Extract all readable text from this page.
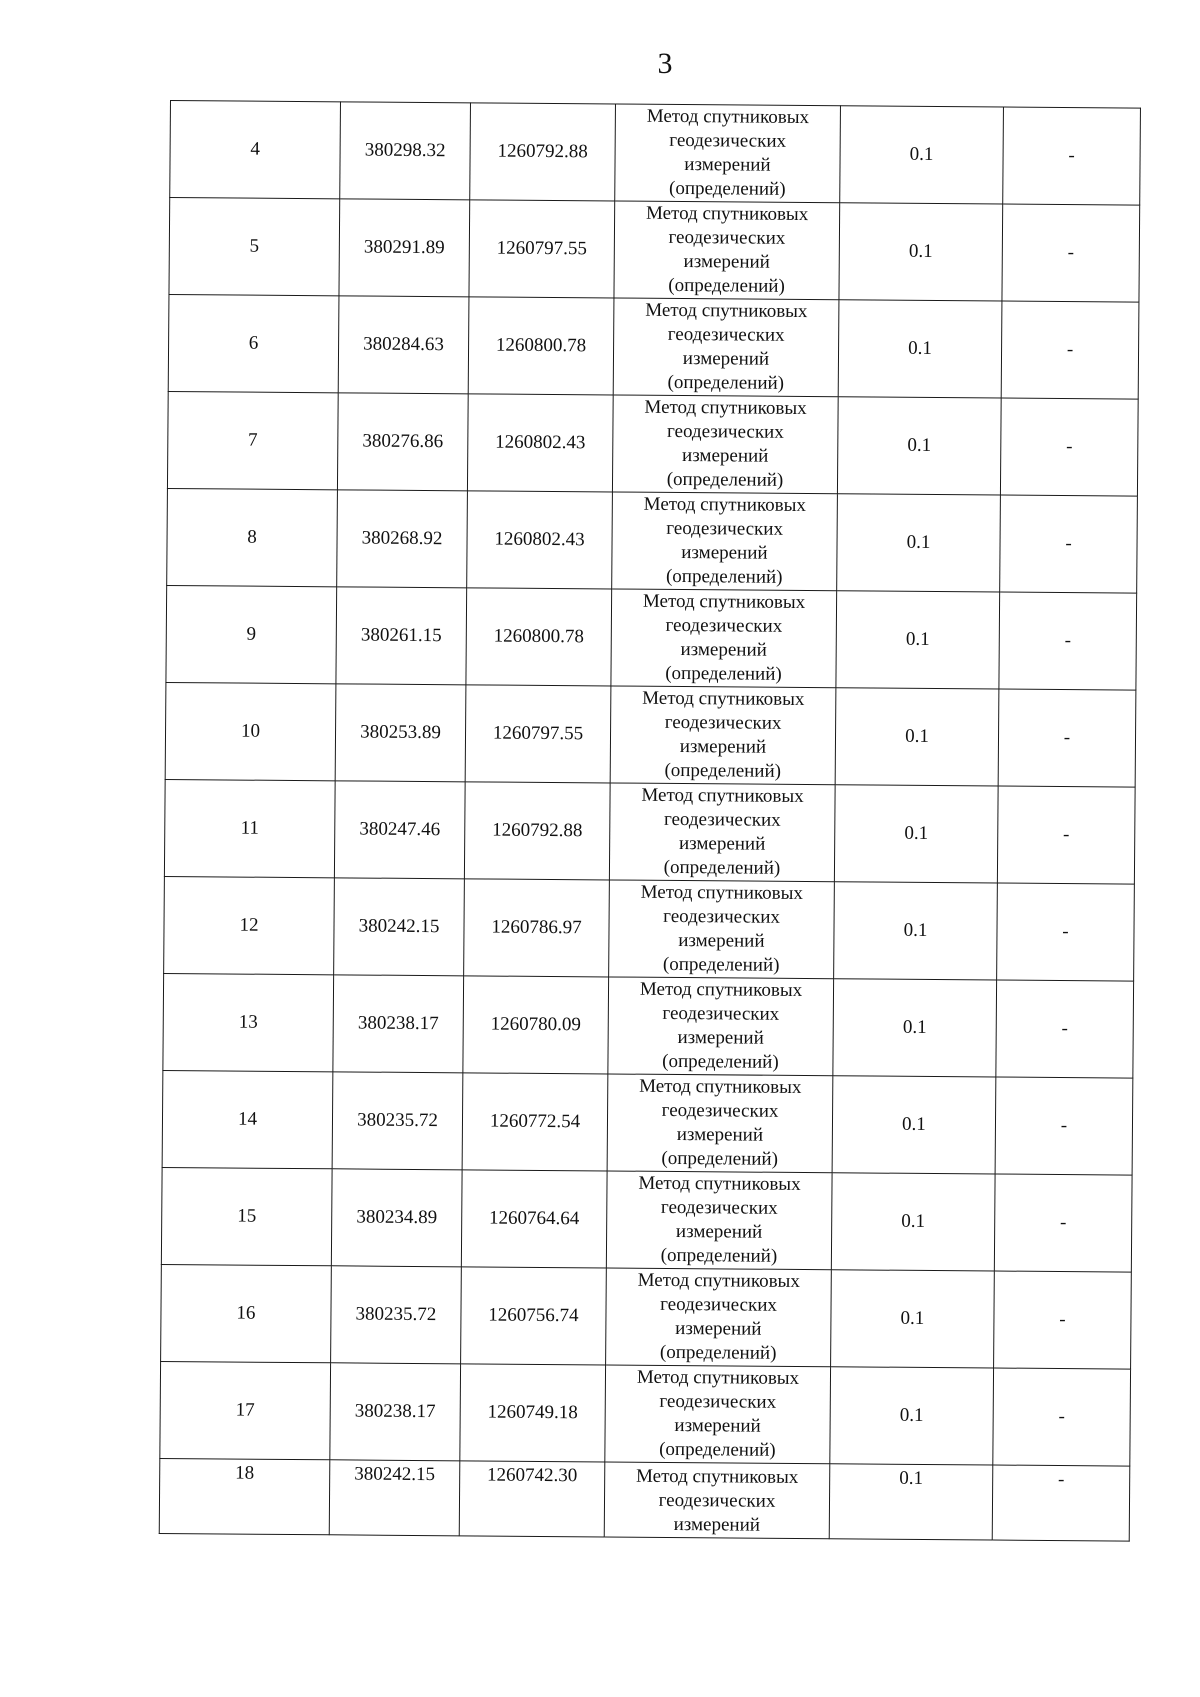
3
4	380298.32	1260792.88	Метод спутниковых
геодезических
измерений
(определений)	0.1	-
5	380291.89	1260797.55	Метод спутниковых
геодезических
измерений
(определений)	0.1	-
6	380284.63	1260800.78	Метод спутниковых
геодезических
измерений
(определений)	0.1	-
7	380276.86	1260802.43	Метод спутниковых
геодезических
измерений
(определений)	0.1	-
8	380268.92	1260802.43	Метод спутниковых
геодезических
измерений
(определений)	0.1	-
9	380261.15	1260800.78	Метод спутниковых
геодезических
измерений
(определений)	0.1	-
10	380253.89	1260797.55	Метод спутниковых
геодезических
измерений
(определений)	0.1	-
11	380247.46	1260792.88	Метод спутниковых
геодезических
измерений
(определений)	0.1	-
12	380242.15	1260786.97	Метод спутниковых
геодезических
измерений
(определений)	0.1	-
13	380238.17	1260780.09	Метод спутниковых
геодезических
измерений
(определений)	0.1	-
14	380235.72	1260772.54	Метод спутниковых
геодезических
измерений
(определений)	0.1	-
15	380234.89	1260764.64	Метод спутниковых
геодезических
измерений
(определений)	0.1	-
16	380235.72	1260756.74	Метод спутниковых
геодезических
измерений
(определений)	0.1	-
17	380238.17	1260749.18	Метод спутниковых
геодезических
измерений
(определений)	0.1	-
18	380242.15	1260742.30	Метод спутниковых
геодезических
измерений	0.1	-
